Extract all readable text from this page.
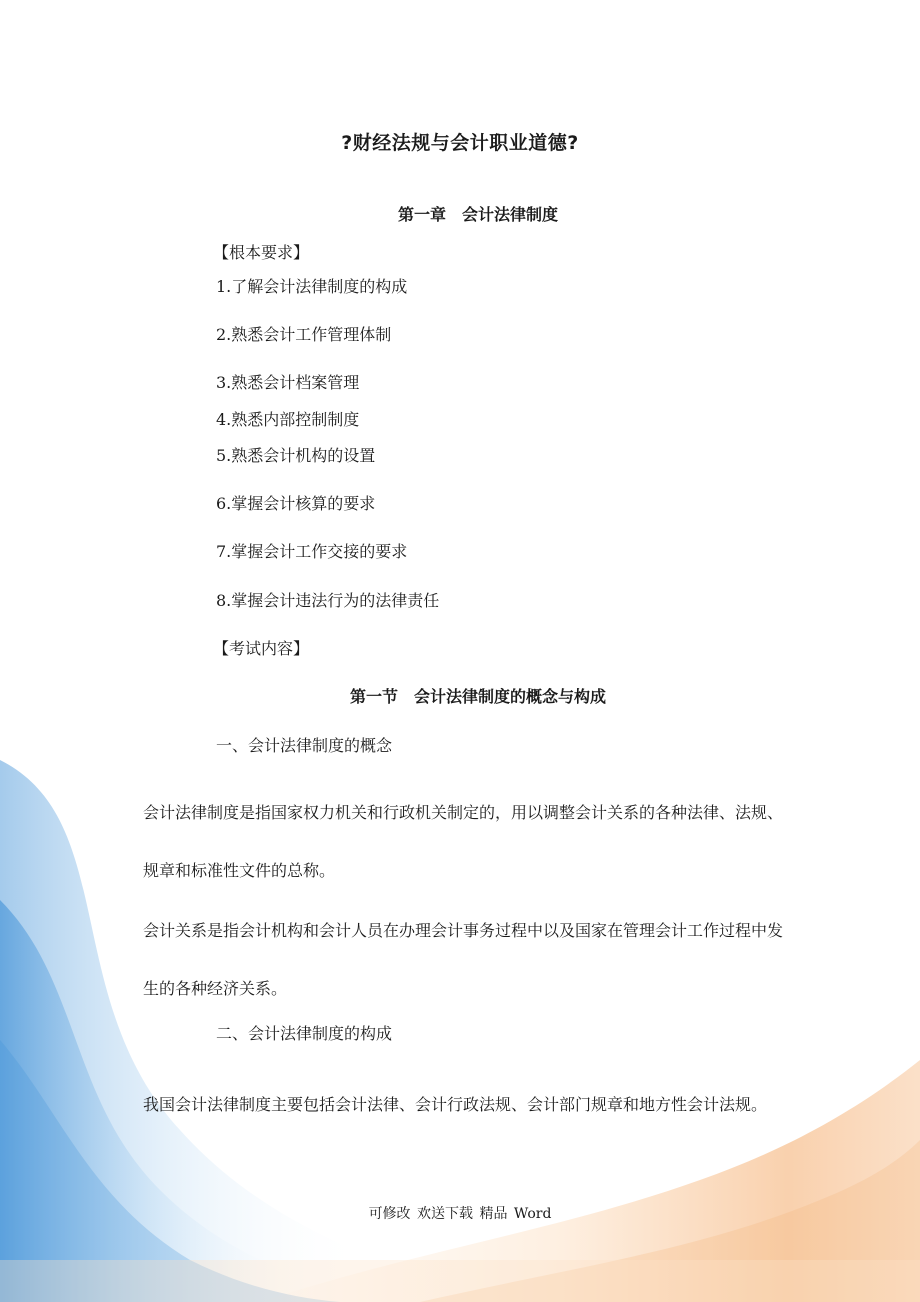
?财经法规与会计职业道德?
第一章　会计法律制度
【根本要求】
1.了解会计法律制度的构成
2.熟悉会计工作管理体制
3.熟悉会计档案管理
4.熟悉内部控制制度
5.熟悉会计机构的设置
6.掌握会计核算的要求
7.掌握会计工作交接的要求
8.掌握会计违法行为的法律责任
【考试内容】
第一节　会计法律制度的概念与构成
一、会计法律制度的概念
会计法律制度是指国家权力机关和行政机关制定的，用以调整会计关系的各种法律、法规、规章和标准性文件的总称。
会计关系是指会计机构和会计人员在办理会计事务过程中以及国家在管理会计工作过程中发生的各种经济关系。
二、会计法律制度的构成
我国会计法律制度主要包括会计法律、会计行政法规、会计部门规章和地方性会计法规。
可修改 欢送下载 精品 Word
